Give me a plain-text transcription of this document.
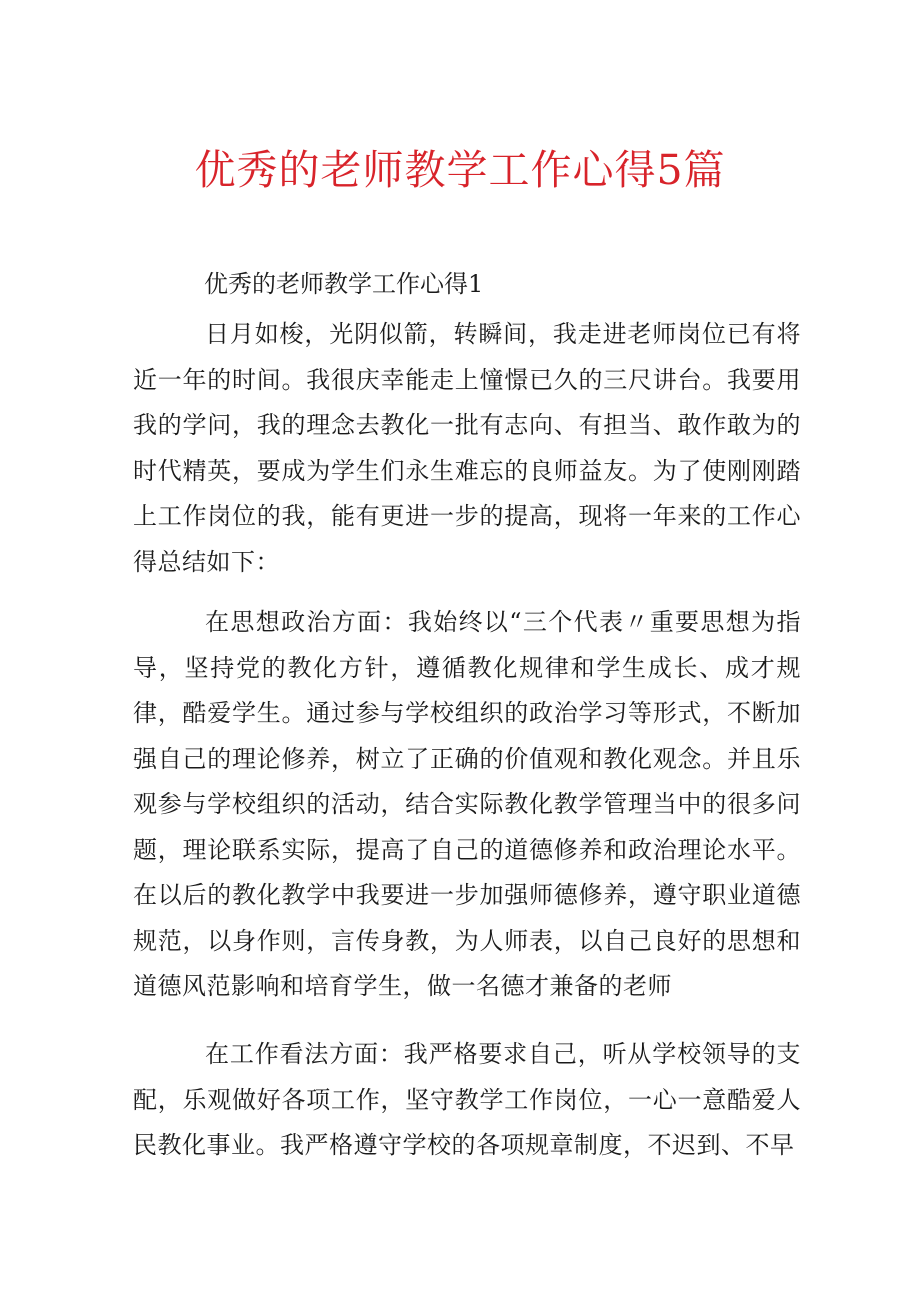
优秀的老师教学工作心得5篇
优秀的老师教学工作心得1

日月如梭，光阴似箭，转瞬间，我走进老师岗位已有将近一年的时间。我很庆幸能走上憧憬已久的三尺讲台。我要用我的学问，我的理念去教化一批有志向、有担当、敢作敢为的时代精英，要成为学生们永生难忘的良师益友。为了使刚刚踏上工作岗位的我，能有更进一步的提高，现将一年来的工作心得总结如下：

在思想政治方面：我始终以“三个代表〃重要思想为指导，坚持党的教化方针，遵循教化规律和学生成长、成才规律，酷爱学生。通过参与学校组织的政治学习等形式，不断加强自己的理论修养，树立了正确的价值观和教化观念。并且乐观参与学校组织的活动，结合实际教化教学管理当中的很多问题，理论联系实际，提高了自己的道德修养和政治理论水平。在以后的教化教学中我要进一步加强师德修养，遵守职业道德规范，以身作则，言传身教，为人师表，以自己良好的思想和道德风范影响和培育学生，做一名德才兼备的老师

在工作看法方面：我严格要求自己，听从学校领导的支配，乐观做好各项工作，坚守教学工作岗位，一心一意酷爱人民教化事业。我严格遵守学校的各项规章制度，不迟到、不早
